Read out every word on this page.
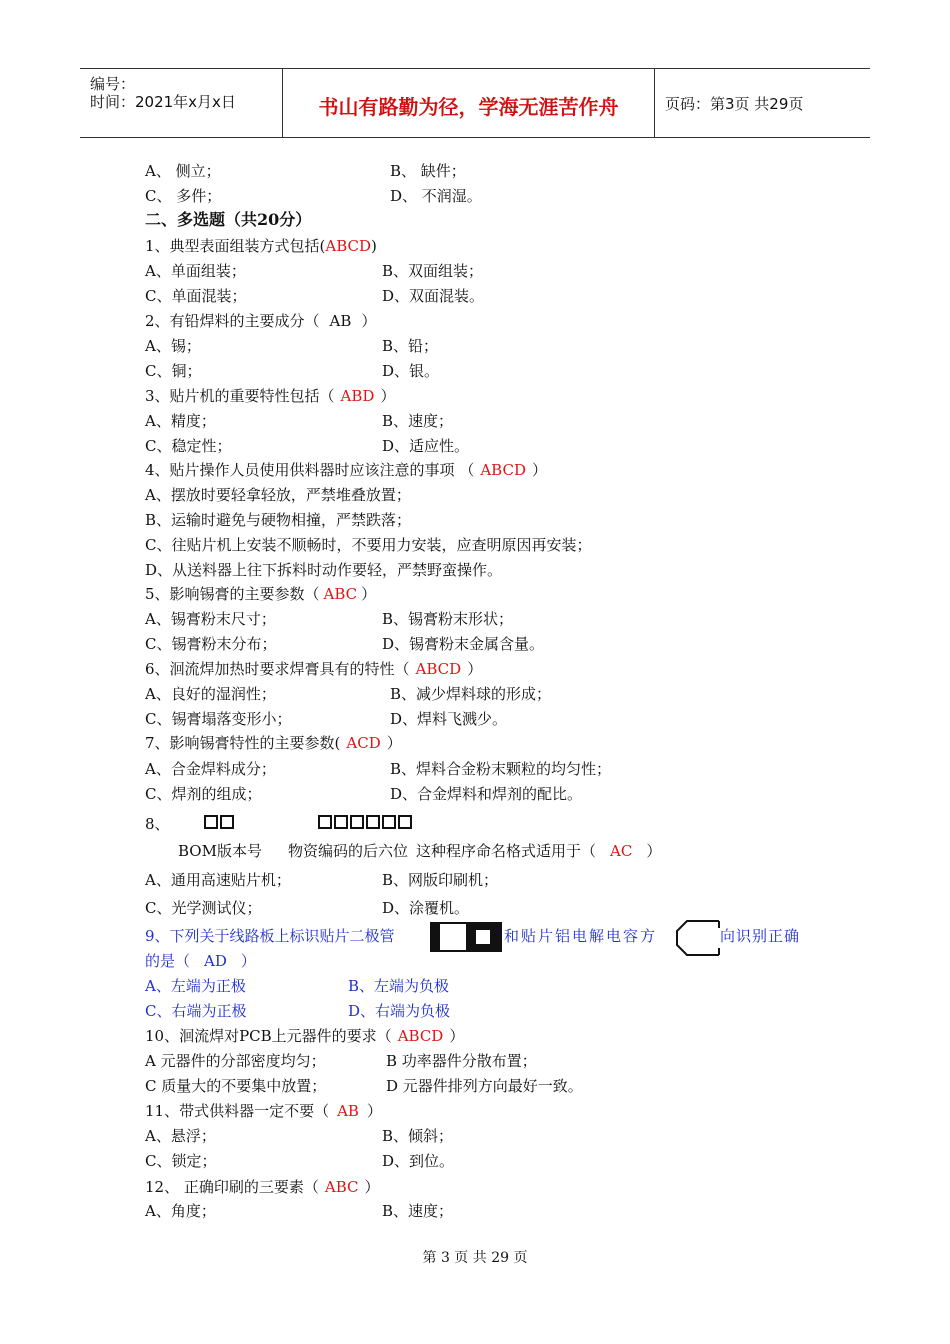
编号：
时间：2021年x月x日	书山有路勤为径，学海无涯苦作舟	页码：第3页 共29页
A、 侧立；	B、 缺件；
C、 多件；	D、 不润湿。
二、多选题（共20分）
1、典型表面组装方式包括(ABCD)
A、单面组装；	B、双面组装；
C、单面混装；	D、双面混装。
2、有铅焊料的主要成分（ AB ）
A、锡；	B、铅；
C、铜；	D、银。
3、贴片机的重要特性包括（ ABD ）
A、精度；	B、速度；
C、稳定性；	D、适应性。
4、贴片操作人员使用供料器时应该注意的事项 （ ABCD ）
A、摆放时要轻拿轻放，严禁堆叠放置；
B、运输时避免与硬物相撞，严禁跌落；
C、往贴片机上安装不顺畅时，不要用力安装，应查明原因再安装；
D、从送料器上往下拆料时动作要轻，严禁野蛮操作。
5、影响锡膏的主要参数（ ABC ）
A、锡膏粉末尺寸；	B、锡膏粉末形状；
C、锡膏粉末分布；	D、锡膏粉末金属含量。
6、洄流焊加热时要求焊膏具有的特性（ ABCD ）
A、良好的湿润性；	B、减少焊料球的形成；
C、锡膏塌落变形小；	D、焊料飞溅少。
7、影响锡膏特性的主要参数( ACD ）
A、合金焊料成分；	B、焊料合金粉末颗粒的均匀性；
C、焊剂的组成；	D、合金焊料和焊剂的配比。
8、
BOM版本号 物资编码的后六位 这种程序命名格式适用于（ AC ）
A、通用高速贴片机；	B、网版印刷机；
C、光学测试仪；	D、涂覆机。
9、下列关于线路板上标识贴片二极管	和贴片铝电解电容方	向识别正确
的是（ AD ）
A、左端为正极	B、左端为负极
C、右端为正极	D、右端为负极
10、洄流焊对PCB上元器件的要求（ ABCD ）
A 元器件的分部密度均匀；	B 功率器件分散布置；
C 质量大的不要集中放置；	D 元器件排列方向最好一致。
11、带式供料器一定不要（ AB ）
A、悬浮；	B、倾斜；
C、锁定；	D、到位。
12、 正确印刷的三要素（ ABC ）
A、角度；	B、速度；
第 3 页 共 29 页
